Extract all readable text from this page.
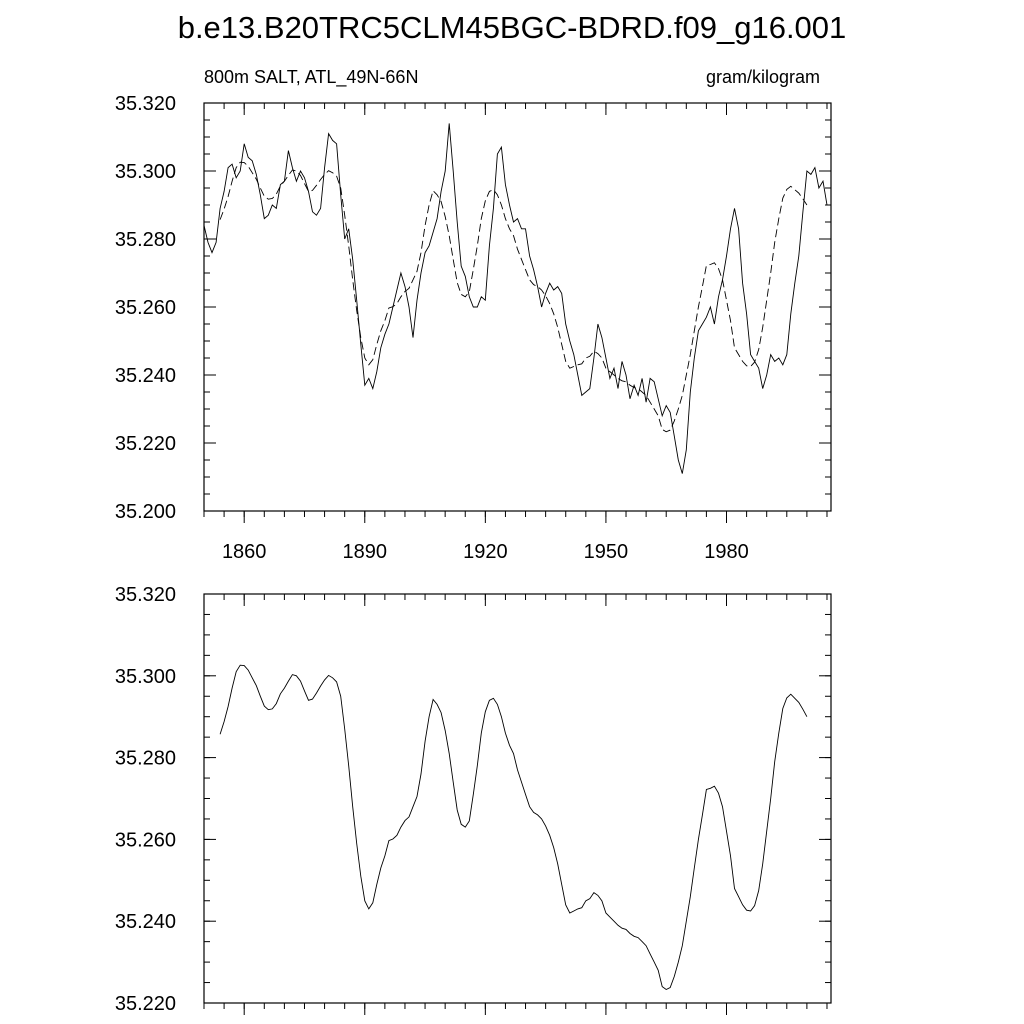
b.e13.B20TRC5CLM45BGC-BDRD.f09_g16.001
800m SALT, ATL_49N-66N	gram/kilogram
35.200
35.220
35.240
35.260
35.280
35.300
35.320
1860	1890	1920	1950	1980
35.220
35.240
35.260
35.280
35.300
35.320
